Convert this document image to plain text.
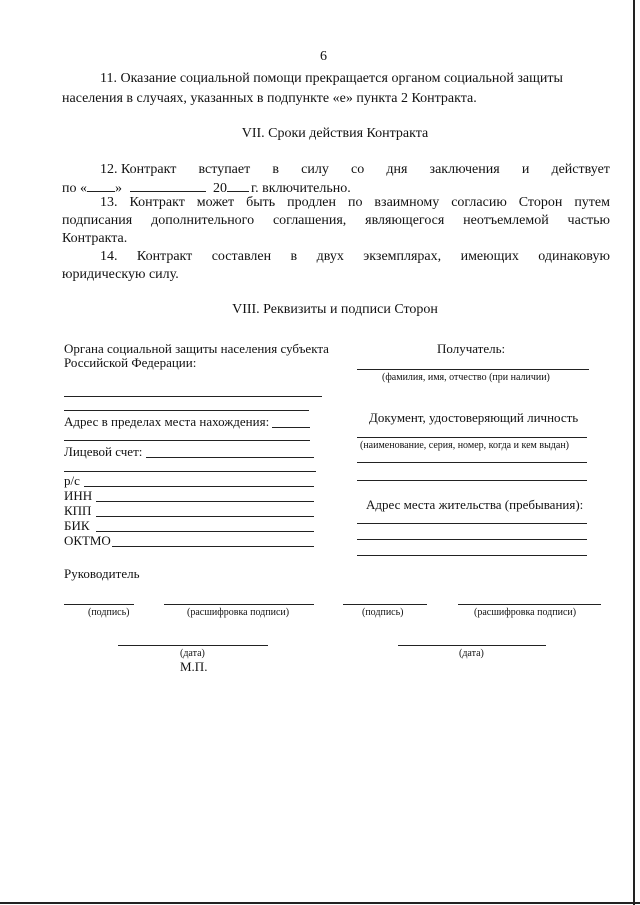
6
11. Оказание социальной помощи прекращается органом социальной защиты
населения в случаях, указанных в подпункте «е» пункта 2 Контракта.
VII. Сроки действия Контракта
12. Контракт вступает в силу со дня заключения и действует
по « »	20 г. включительно.
13. Контракт может быть продлен по взаимному согласию Сторон путем
подписания дополнительного соглашения, являющегося неотъемлемой частью
Контракта.
14. Контракт составлен в двух экземплярах, имеющих одинаковую
юридическую силу.
VIII. Реквизиты и подписи Сторон
Органа социальной защиты населения субъекта
Российской Федерации:
Адрес в пределах места нахождения:
Лицевой счет:
р/с
ИНН
КПП
БИК
ОКТМО
Руководитель
(подпись)	(расшифровка подписи)
(дата)
М.П.
Получатель:
(фамилия, имя, отчество (при наличии)
Документ, удостоверяющий личность
(наименование, серия, номер, когда и кем выдан)
Адрес места жительства (пребывания):
(подпись)	(расшифровка подписи)
(дата)
